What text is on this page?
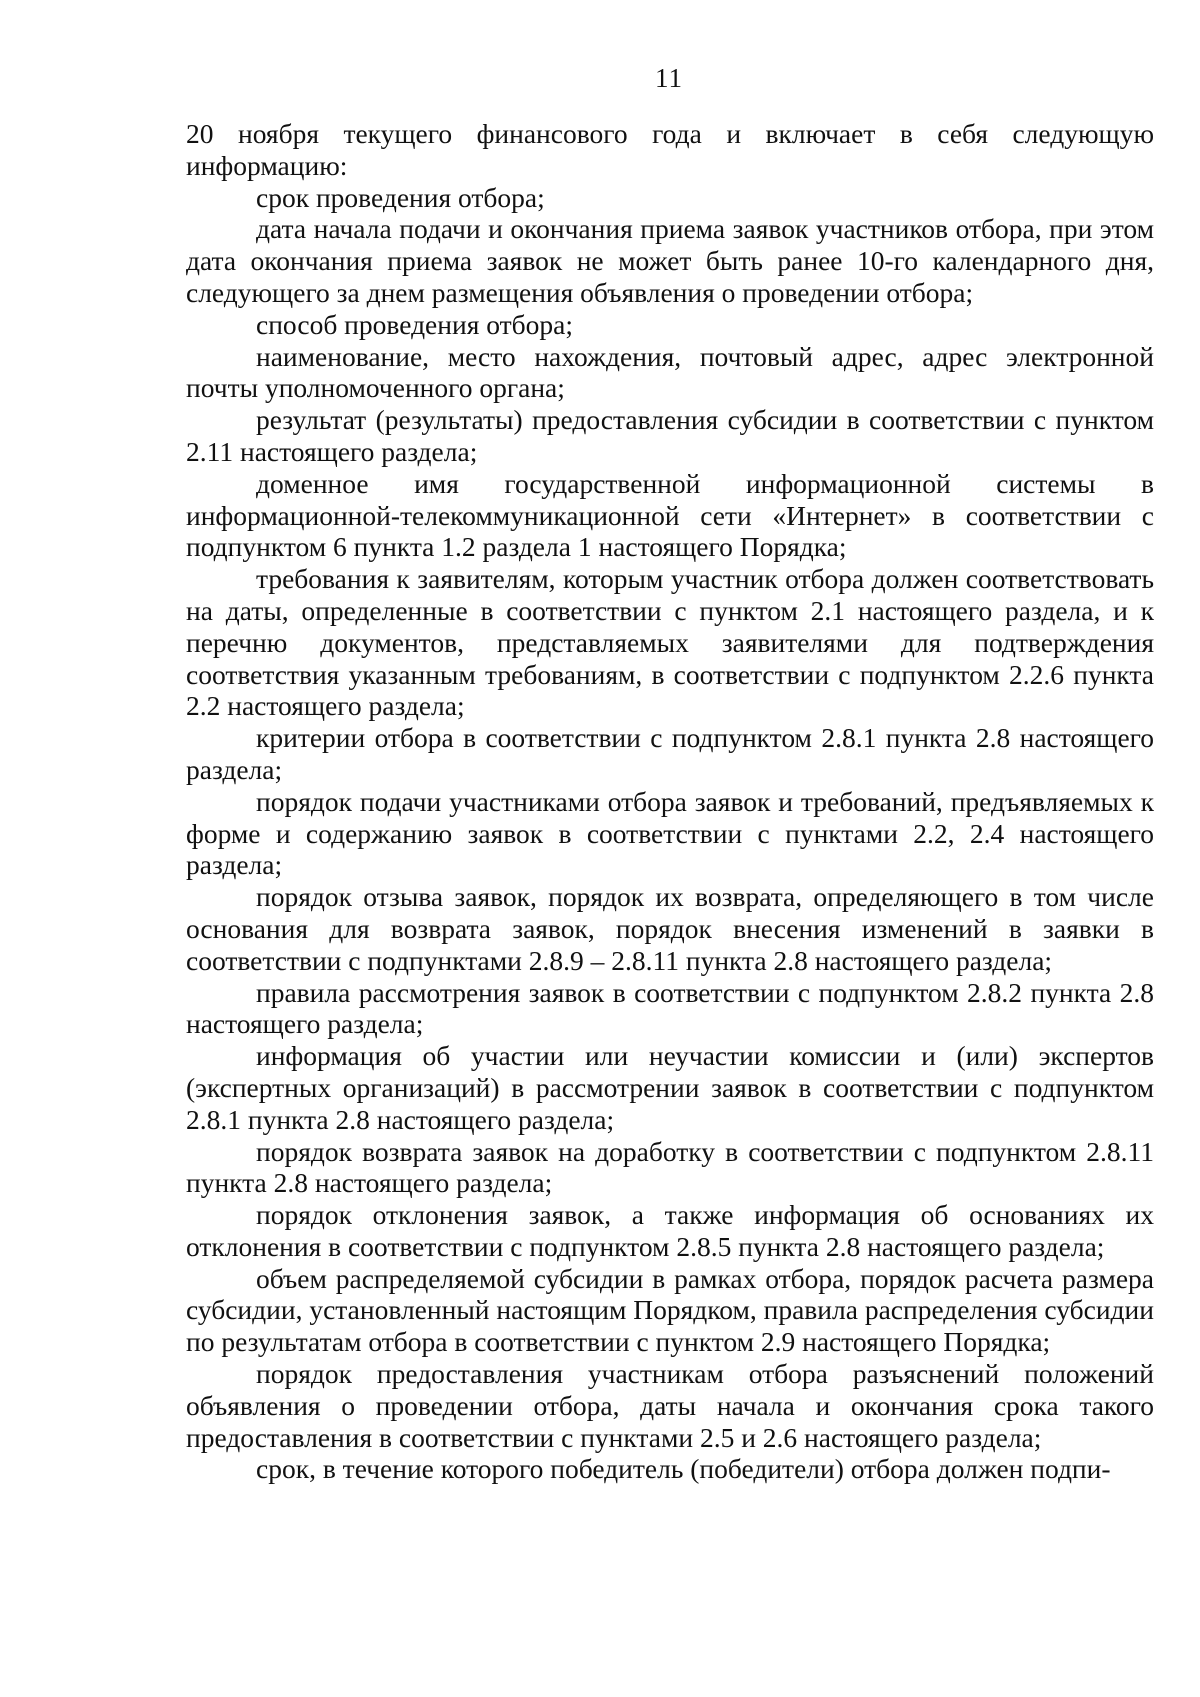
11

20 ноября текущего финансового года и включает в себя следующую информацию:

срок проведения отбора;

дата начала подачи и окончания приема заявок участников отбора, при этом дата окончания приема заявок не может быть ранее 10-го календарного дня, следующего за днем размещения объявления о проведении отбора;

способ проведения отбора;

наименование, место нахождения, почтовый адрес, адрес электронной почты уполномоченного органа;

результат (результаты) предоставления субсидии в соответствии с пунктом 2.11 настоящего раздела;

доменное имя государственной информационной системы в информационной-телекоммуникационной сети «Интернет» в соответствии с подпунктом 6 пункта 1.2 раздела 1 настоящего Порядка;

требования к заявителям, которым участник отбора должен соответствовать на даты, определенные в соответствии с пунктом 2.1 настоящего раздела, и к перечню документов, представляемых заявителями для подтверждения соответствия указанным требованиям, в соответствии с подпунктом 2.2.6 пункта 2.2 настоящего раздела;

критерии отбора в соответствии с подпунктом 2.8.1 пункта 2.8 настоящего раздела;

порядок подачи участниками отбора заявок и требований, предъявляемых к форме и содержанию заявок в соответствии с пунктами 2.2, 2.4 настоящего раздела;

порядок отзыва заявок, порядок их возврата, определяющего в том числе основания для возврата заявок, порядок внесения изменений в заявки в соответствии с подпунктами 2.8.9 – 2.8.11 пункта 2.8 настоящего раздела;

правила рассмотрения заявок в соответствии с подпунктом 2.8.2 пункта 2.8 настоящего раздела;

информация об участии или неучастии комиссии и (или) экспертов (экспертных организаций) в рассмотрении заявок в соответствии с подпунктом 2.8.1 пункта 2.8 настоящего раздела;

порядок возврата заявок на доработку в соответствии с подпунктом 2.8.11 пункта 2.8 настоящего раздела;

порядок отклонения заявок, а также информация об основаниях их отклонения в соответствии с подпунктом 2.8.5 пункта 2.8 настоящего раздела;

объем распределяемой субсидии в рамках отбора, порядок расчета размера субсидии, установленный настоящим Порядком, правила распределения субсидии по результатам отбора в соответствии с пунктом 2.9 настоящего Порядка;

порядок предоставления участникам отбора разъяснений положений объявления о проведении отбора, даты начала и окончания срока такого предоставления в соответствии с пунктами 2.5 и 2.6 настоящего раздела;

срок, в течение которого победитель (победители) отбора должен подпи-
